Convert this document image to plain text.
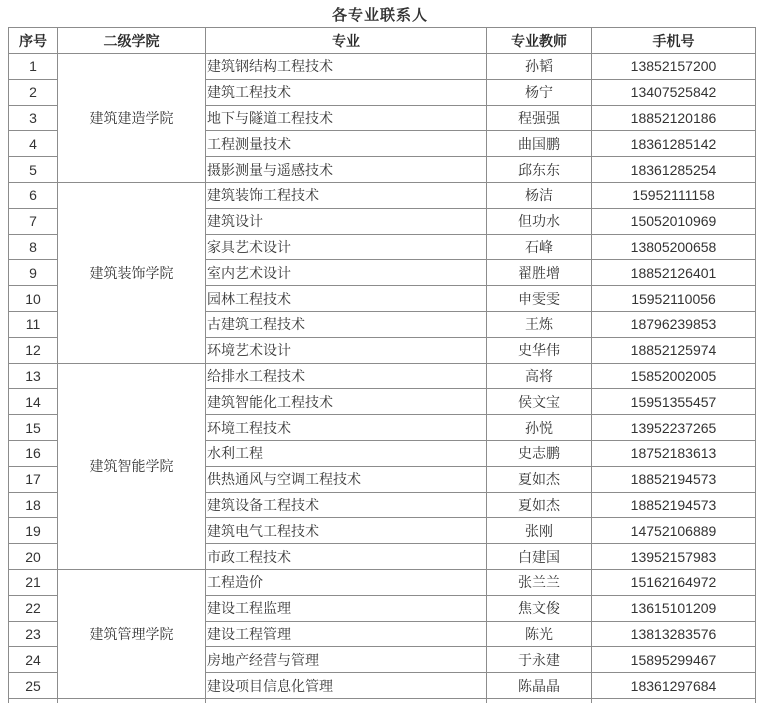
各专业联系人
序号	二级学院	专业	专业教师	手机号
1	建筑建造学院	建筑钢结构工程技术	孙韬	13852157200
2		建筑工程技术	杨宁	13407525842
3		地下与隧道工程技术	程强强	18852120186
4		工程测量技术	曲国鹏	18361285142
5		摄影测量与遥感技术	邱东东	18361285254
6	建筑装饰学院	建筑装饰工程技术	杨洁	15952111158
7		建筑设计	但功水	15052010969
8		家具艺术设计	石峰	13805200658
9		室内艺术设计	翟胜增	18852126401
10		园林工程技术	申雯雯	15952110056
11		古建筑工程技术	王炼	18796239853
12		环境艺术设计	史华伟	18852125974
13	建筑智能学院	给排水工程技术	高将	15852002005
14		建筑智能化工程技术	侯文宝	15951355457
15		环境工程技术	孙悦	13952237265
16		水利工程	史志鹏	18752183613
17		供热通风与空调工程技术	夏如杰	18852194573
18		建筑设备工程技术	夏如杰	18852194573
19		建筑电气工程技术	张刚	14752106889
20		市政工程技术	白建国	13952157983
21	建筑管理学院	工程造价	张兰兰	15162164972
22		建设工程监理	焦文俊	13615101209
23		建设工程管理	陈光	13813283576
24		房地产经营与管理	于永建	15895299467
25		建设项目信息化管理	陈晶晶	18361297684
